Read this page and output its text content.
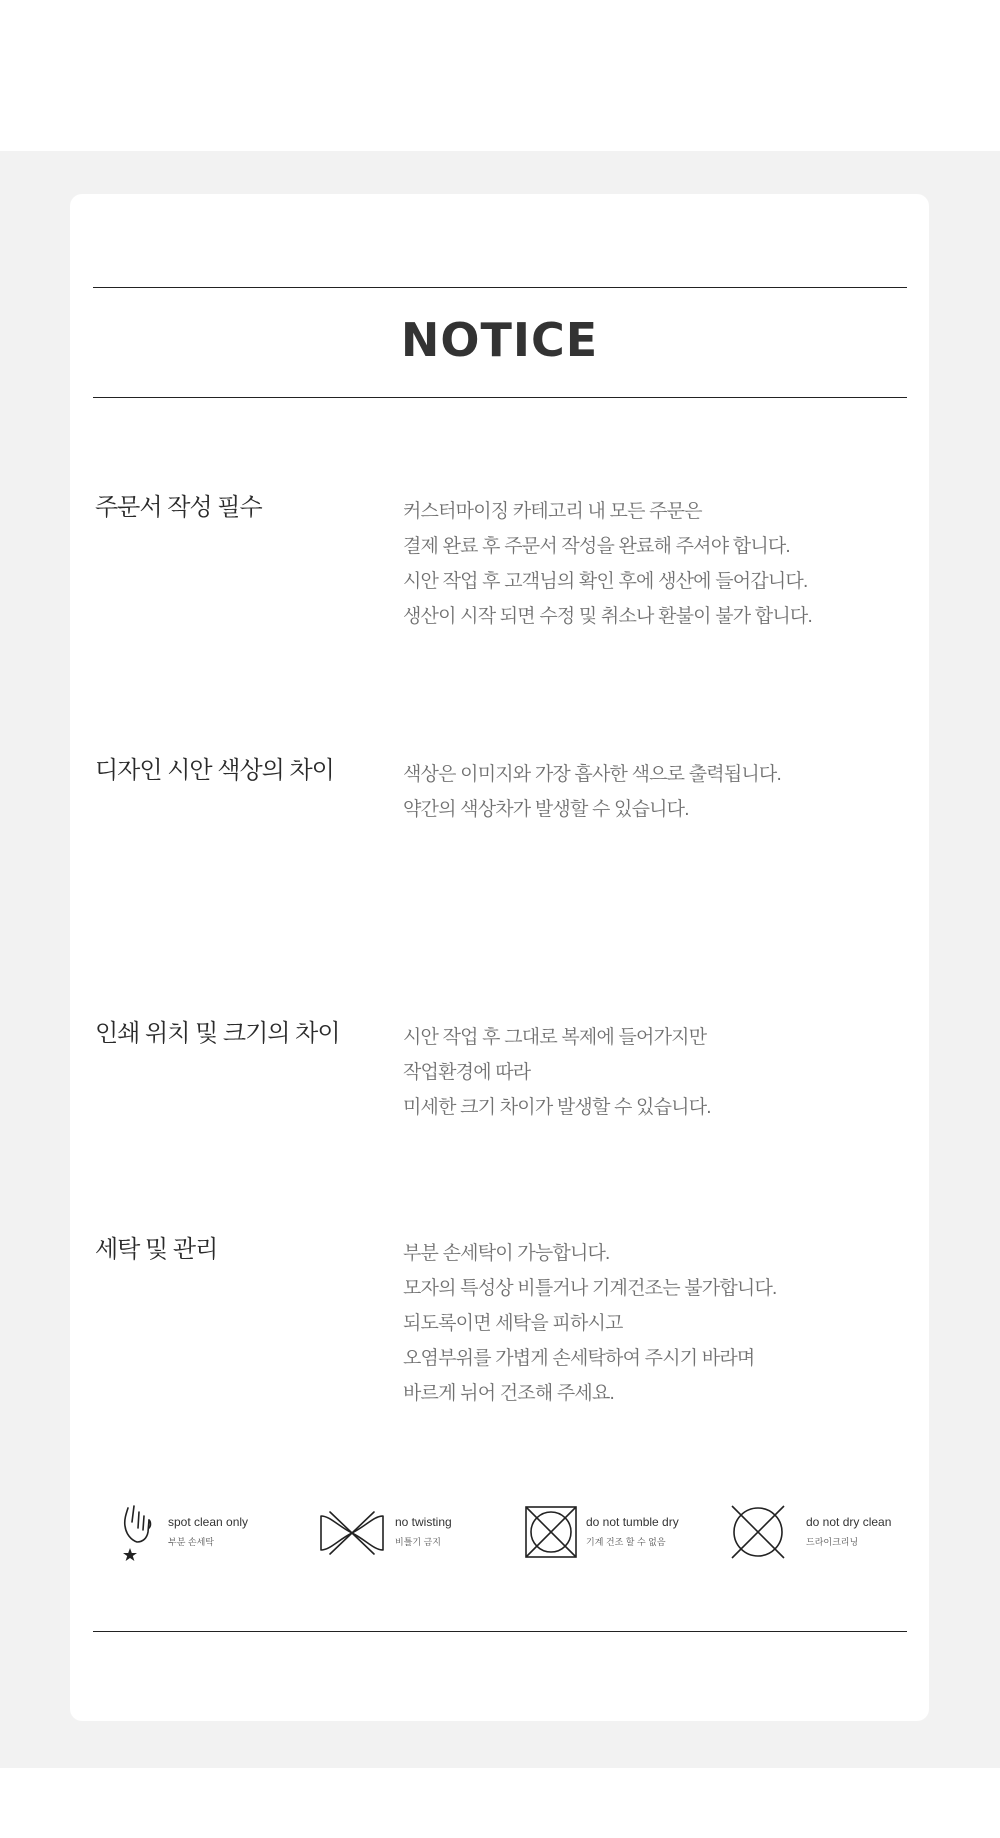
NOTICE
주문서 작성 필수	커스터마이징 카테고리 내 모든 주문은
결제 완료 후 주문서 작성을 완료해 주셔야 합니다.
시안 작업 후 고객님의 확인 후에 생산에 들어갑니다.
생산이 시작 되면 수정 및 취소나 환불이 불가 합니다.
디자인 시안 색상의 차이	색상은 이미지와 가장 흡사한 색으로 출력됩니다.
약간의 색상차가 발생할 수 있습니다.
인쇄 위치 및 크기의 차이	시안 작업 후 그대로 복제에 들어가지만
작업환경에 따라
미세한 크기 차이가 발생할 수 있습니다.
세탁 및 관리	부분 손세탁이 가능합니다.
모자의 특성상 비틀거나 기계건조는 불가합니다.
되도록이면 세탁을 피하시고
오염부위를 가볍게 손세탁하여 주시기 바라며
바르게 뉘어 건조해 주세요.
spot clean only
부분 손세탁
no twisting
비틀기 금지
do not tumble dry
기계 건조 할 수 없음
do not dry clean
드라이크리닝
